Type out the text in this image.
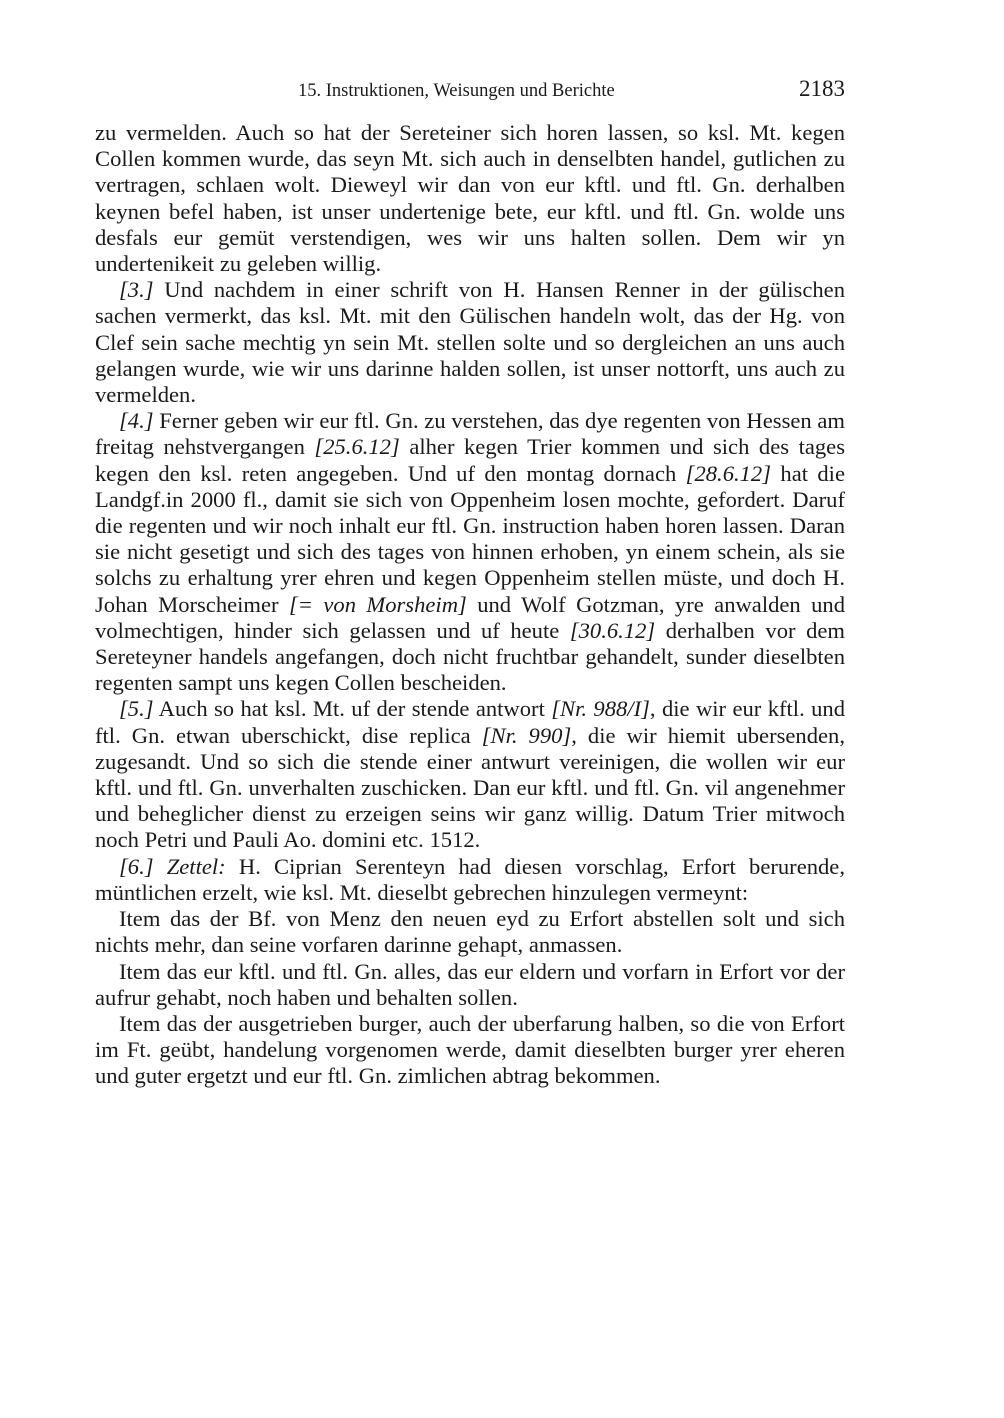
15. Instruktionen, Weisungen und Berichte	2183

zu vermelden. Auch so hat der Sereteiner sich horen lassen, so ksl. Mt. kegen Collen kommen wurde, das seyn Mt. sich auch in denselbten handel, gutlichen zu vertragen, schlaen wolt. Dieweyl wir dan von eur kftl. und ftl. Gn. derhalben keynen befel haben, ist unser undertenige bete, eur kftl. und ftl. Gn. wolde uns desfals eur gemüt verstendigen, wes wir uns halten sollen. Dem wir yn undertenikeit zu geleben willig.

[3.] Und nachdem in einer schrift von H. Hansen Renner in der gülischen sachen vermerkt, das ksl. Mt. mit den Gülischen handeln wolt, das der Hg. von Clef sein sache mechtig yn sein Mt. stellen solte und so dergleichen an uns auch gelangen wurde, wie wir uns darinne halden sollen, ist unser nottorft, uns auch zu vermelden.

[4.] Ferner geben wir eur ftl. Gn. zu verstehen, das dye regenten von Hessen am freitag nehstvergangen [25.6.12] alher kegen Trier kommen und sich des tages kegen den ksl. reten angegeben. Und uf den montag dornach [28.6.12] hat die Landgf.in 2000 fl., damit sie sich von Oppenheim losen mochte, gefordert. Daruf die regenten und wir noch inhalt eur ftl. Gn. instruction haben horen lassen. Daran sie nicht gesetigt und sich des tages von hinnen erhoben, yn einem schein, als sie solchs zu erhaltung yrer ehren und kegen Oppenheim stellen müste, und doch H. Johan Morscheimer [= von Morsheim] und Wolf Gotzman, yre anwalden und volmechtigen, hinder sich gelassen und uf heute [30.6.12] derhalben vor dem Sereteyner handels angefangen, doch nicht fruchtbar gehandelt, sunder dieselbten regenten sampt uns kegen Collen bescheiden.

[5.] Auch so hat ksl. Mt. uf der stende antwort [Nr. 988/I], die wir eur kftl. und ftl. Gn. etwan uberschickt, dise replica [Nr. 990], die wir hiemit ubersenden, zugesandt. Und so sich die stende einer antwurt vereinigen, die wollen wir eur kftl. und ftl. Gn. unverhalten zuschicken. Dan eur kftl. und ftl. Gn. vil angenehmer und beheglicher dienst zu erzeigen seins wir ganz willig. Datum Trier mitwoch noch Petri und Pauli Ao. domini etc. 1512.

[6.] Zettel: H. Ciprian Serenteyn had diesen vorschlag, Erfort berurende, müntlichen erzelt, wie ksl. Mt. dieselbt gebrechen hinzulegen vermeynt:

Item das der Bf. von Menz den neuen eyd zu Erfort abstellen solt und sich nichts mehr, dan seine vorfaren darinne gehapt, anmassen.

Item das eur kftl. und ftl. Gn. alles, das eur eldern und vorfarn in Erfort vor der aufrur gehabt, noch haben und behalten sollen.

Item das der ausgetrieben burger, auch der uberfarung halben, so die von Erfort im Ft. geübt, handelung vorgenomen werde, damit dieselbten burger yrer eheren und guter ergetzt und eur ftl. Gn. zimlichen abtrag bekommen.
